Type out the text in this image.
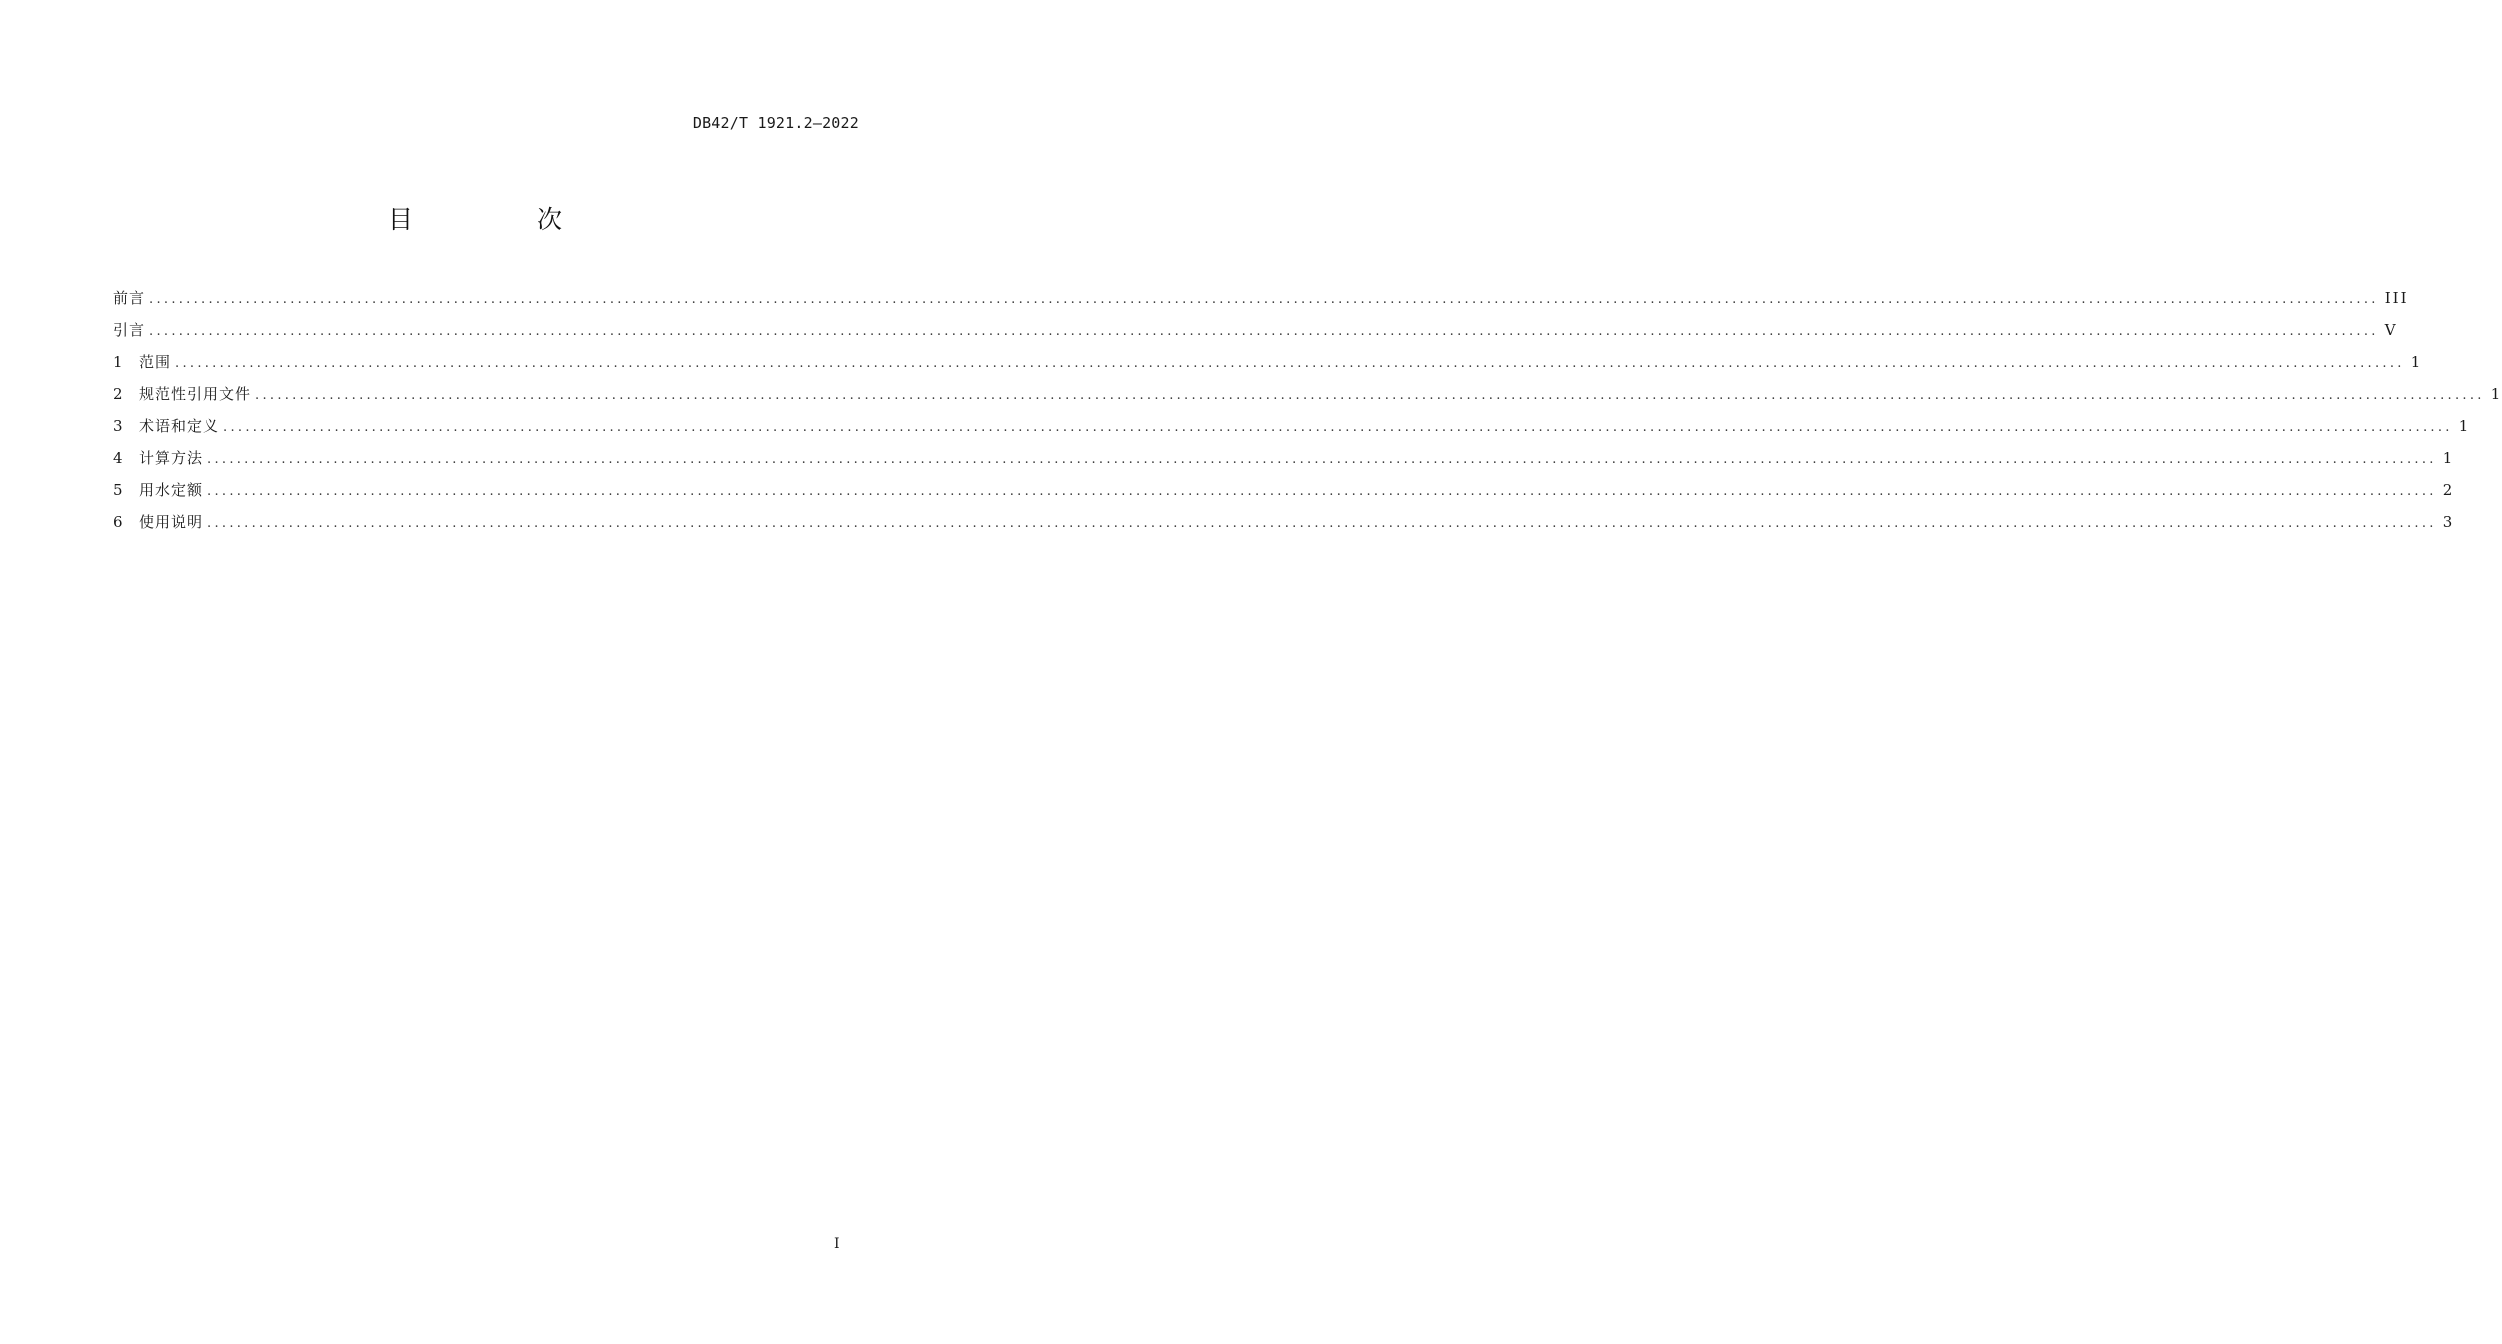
DB42/T 1921.2—2022
目 次
前言 ............................................................................................................................................................................................................................................................................................................ III
引言 ............................................................................................................................................................................................................................................................................................................ V
1	范围 ............................................................................................................................................................................................................................................................................................................ 1
2	规范性引用文件 ............................................................................................................................................................................................................................................................................................................ 1
3	术语和定义 ............................................................................................................................................................................................................................................................................................................ 1
4	计算方法 ............................................................................................................................................................................................................................................................................................................ 1
5	用水定额 ............................................................................................................................................................................................................................................................................................................ 2
6	使用说明 ............................................................................................................................................................................................................................................................................................................ 3
I
